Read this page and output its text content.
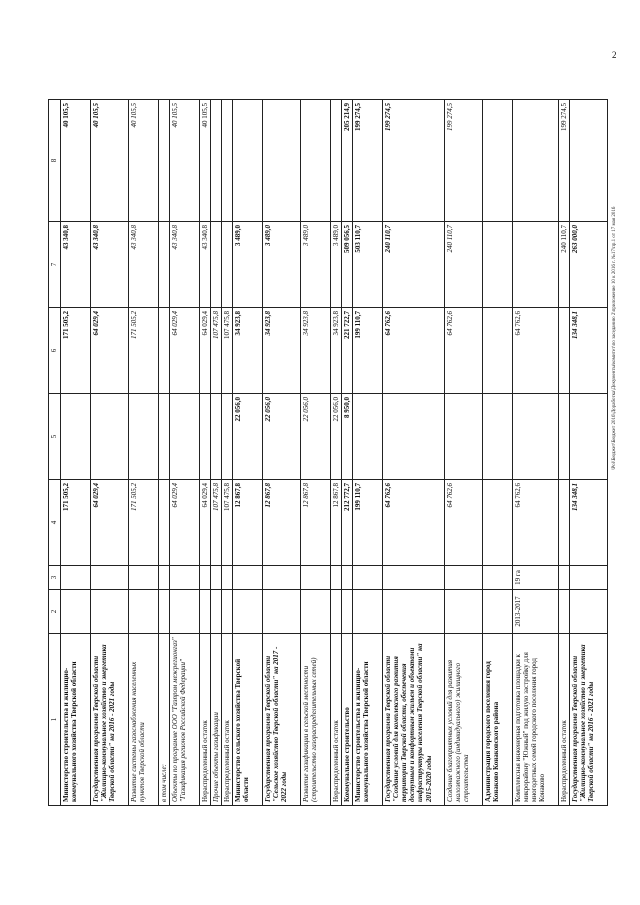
2
\Pol\Бюджет\Бюджет 2016\Доработка\Документы\комитет\по заседанию 2\приложение 10 к 2016 г. №17\пр.1 от 17 мая 2016
1	2	3	4	5	6	7	8
Министерство строительства и жилищно-коммунального хозяйства Тверской области			171 505,2		171 505,2	43 340,8	40 105,5
Государственная программа Тверской области "Жилищно-коммунальное хозяйство и энергетика Тверской области" на 2016 - 2021 годы			64 029,4		64 029,4	43 340,8	40 105,5
Развитие системы газоснабжения населенных пунктов Тверской области			171 505,2		171 505,2	43 340,8	40 105,5
в том числе:							
Объекты по программе ООО "Газпром межрегионгаз" "Газификация регионов Российской Федерации"			64 029,4		64 029,4	43 340,8	40 105,5
Нераспределенный остаток			64 029,4		64 029,4	43 340,8	40 105,5
Прочие объекты газификации			107 475,8		107 475,8		
Нераспределенный остаток			107 475,8		107 475,8		
Министерство сельского хозяйства Тверской области			12 867,8	22 056,0	34 923,8	3 489,0	
Государственная программа Тверской области "Сельское хозяйство Тверской области" на 2017 - 2022 годы			12 867,8	22 056,0	34 923,8	3 489,0	
Развитие газификации в сельской местности (строительство газораспределительных сетей)			12 867,8	22 056,0	34 923,8	3 489,0	
Нераспределенный остаток			12 867,8	22 056,0	34 923,8	3 489,0	
Коммунальное строительство			212 772,7	8 950,0	221 722,7	509 056,5	205 214,9
Министерство строительства и жилищно-коммунального хозяйства Тверской области			199 110,7		199 110,7	503 110,7	199 274,5
Государственная программа Тверской области "Создание условий для комплексного развития территории Тверской области, обеспечения доступным и комфортным жильем и объектами инфраструктуры населения Тверской области" на 2015-2020 годы			64 762,6		64 762,6	240 110,7	199 274,5
Создание благоприятных условий для развития малоэтажного (индивидуального) жилищного строительства			64 762,6		64 762,6	240 110,7	199 274,5
Администрация городского поселения город Конаково Конаковского района							
Комплексная инженерная подготовка площадки к микрорайону "Южный" под жилую застройку для многодетных семей городского поселения город Конаково	2013-2017	19 га	64 762,6		64 762,6		
Нераспределенный остаток						240 110,7	199 274,5
Государственная программа Тверской области "Жилищно-коммунальное хозяйство и энергетика Тверской области" на 2016 - 2021 годы			134 348,1		134 348,1	263 000,0	
